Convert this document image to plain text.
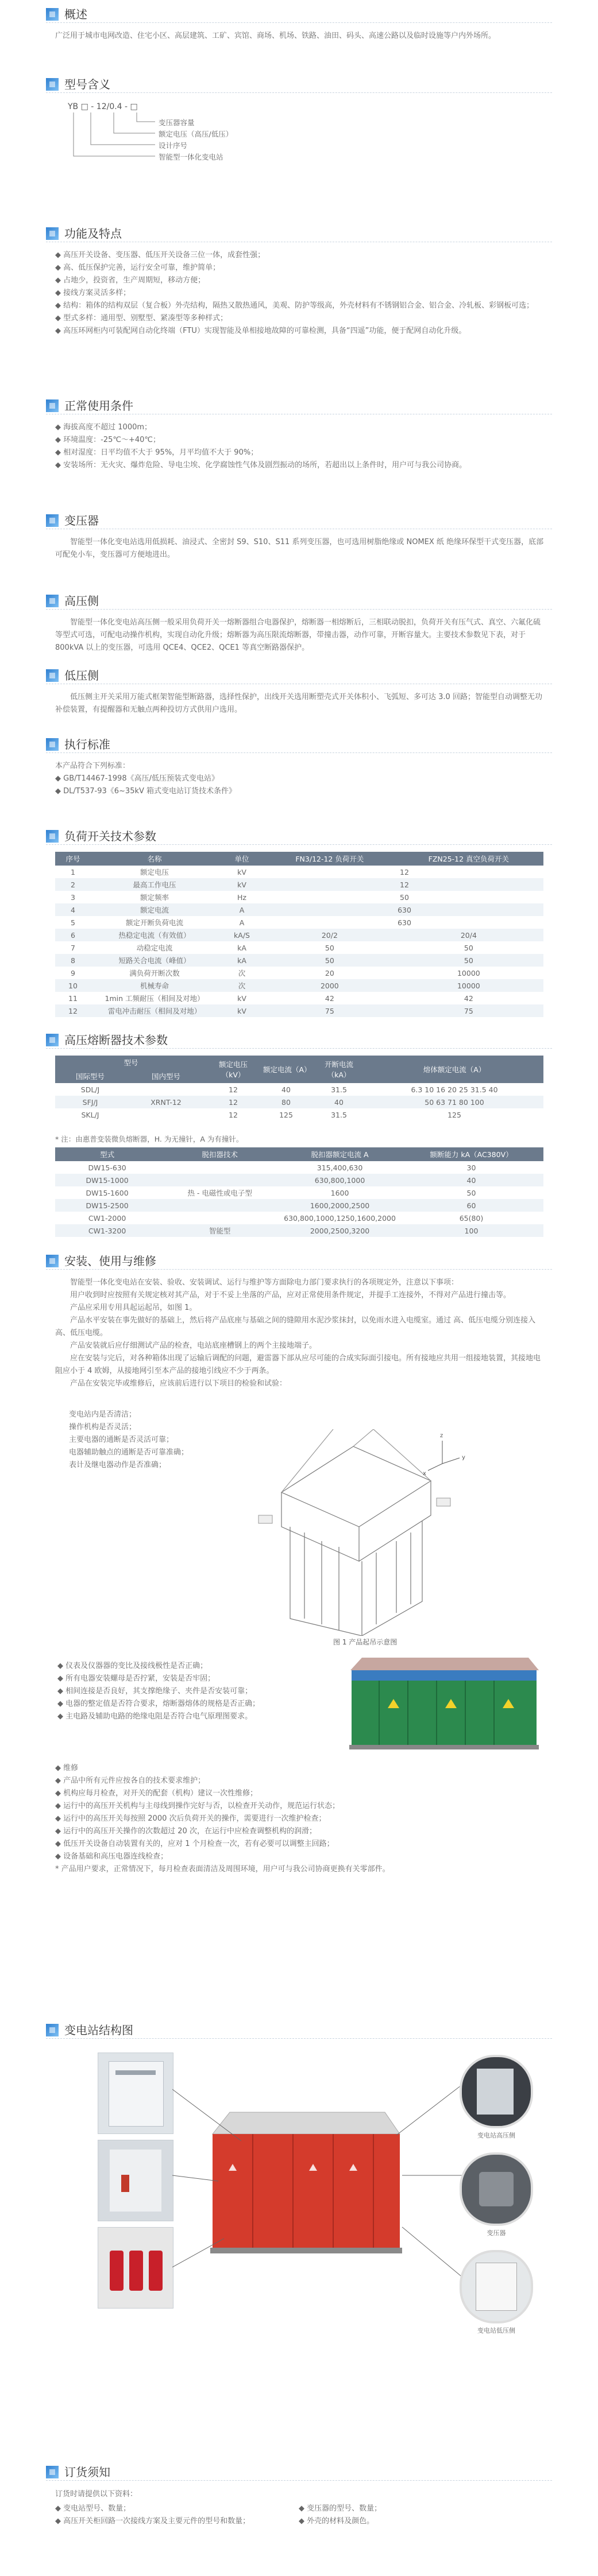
概述
广泛用于城市电网改造、住宅小区、高层建筑、工矿、宾馆、商场、机场、铁路、油田、码头、高速公路以及临时设施等户内外场所。
型号含义
YB □ - 12/0.4 - □
变压器容量
额定电压（高压/低压）
设计序号
智能型一体化变电站
功能及特点
◆ 高压开关设备、变压器、低压开关设备三位一体，成套性强；
◆ 高、低压保护完善，运行安全可靠，维护简单；
◆ 占地少，投资省，生产周期短，移动方便；
◆ 接线方案灵活多样；
◆ 结构：箱体的结构双层（复合板）外壳结构，隔热又散热通风，美观、防护等级高，外壳材料有不锈钢铝合金、铝合金、冷轧板、彩钢板可选；
◆ 型式多样：通用型、别墅型、紧凑型等多种样式；
◆ 高压环网柜内可装配网自动化终端（FTU）实现智能及单相接地故障的可靠检测，具备“四遥”功能，便于配网自动化升级。
正常使用条件
◆ 海拔高度不超过 1000m；
◆ 环境温度：-25℃～+40℃；
◆ 相对湿度：日平均值不大于 95%，月平均值不大于 90%；
◆ 安装场所：无火灾、爆炸危险、导电尘埃、化学腐蚀性气体及剧烈振动的场所，若超出以上条件时，用户可与我公司协商。
变压器
智能型一体化变电站选用低损耗、油浸式、全密封 S9、S10、S11 系列变压器，也可选用树脂绝缘或 NOMEX 纸 绝缘环保型干式变压器，底部可配免小车，变压器可方便地进出。
高压侧
智能型一体化变电站高压侧一般采用负荷开关一熔断器组合电器保护，熔断器一相熔断后，三相联动脱扣，负荷开关有压气式、真空、六氟化硫等型式可选，可配电动操作机构，实现自动化升级；熔断器为高压限流熔断器，带撞击器，动作可靠，开断容量大。主要技术参数见下表，对于 800kVA 以上的变压器，可选用 QCE4、QCE2、QCE1 等真空断路器保护。
低压侧
低压侧主开关采用万能式框架智能型断路器，选择性保护，出线开关选用断塑壳式开关体积小、飞弧短、多可达 3.0 回路；智能型自动调整无功补偿装置，有提醒器和无触点两种投切方式供用户选用。
执行标准
本产品符合下列标准：
◆ GB/T14467-1998《高压/低压预装式变电站》
◆ DL/T537-93《6~35kV 箱式变电站订货技术条件》
负荷开关技术参数
序号	名称	单位	FN3/12-12 负荷开关	FZN25-12 真空负荷开关
1	额定电压	kV	12	
2	最高工作电压	kV	12	
3	额定频率	Hz	50	
4	额定电流	A	630	
5	额定开断负荷电流	A	630	
6	热稳定电流（有效值）	kA/S	20/2	20/4
7	动稳定电流	kA	50	50
8	短路关合电流（峰值）	kA	50	50
9	满负荷开断次数	次	20	10000
10	机械寿命	次	2000	10000
11	1min 工频耐压（相间及对地）	kV	42	42
12	雷电冲击耐压（相间及对地）	kV	75	75
高压熔断器技术参数
型号		额定电压（kV）	额定电流（A）	开断电流（kA）	熔体额定电流（A）
国际型号	国内型号				
SDL/J		12	40	31.5	6.3 10 16 20 25 31.5 40
SFJ/J	XRNT-12	12	80	40	50 63 71 80 100
SKL/J		12	125	31.5	125
* 注：由惠普变装微负熔断器，H. 为无撞针，A 为有撞针。
型式	脱扣器技术	脱扣器额定电流 A	额断能力 kA（AC380V）
DW15-630		315,400,630	30
DW15-1000		630,800,1000	40
DW15-1600	热 - 电磁性或电子型	1600	50
DW15-2500		1600,2000,2500	60
CW1-2000		630,800,1000,1250,1600,2000	65(80)
CW1-3200	智能型	2000,2500,3200	100
安装、使用与维修
智能型一体化变电站在安装、验收、安装调试、运行与维护等方面除电力部门要求执行的各项规定外，注意以下事项：
用户收到时应按照有关规定核对其产品，对于不妥上坐落的产品，应对正常使用条件规定，并提手工连接外，不得对产品进行撞击等。
产品应采用专用具起运起吊，如图 1。
产品水平安装在事先做好的基础上，然后将产品底座与基础之间的缝隙用水泥沙浆抹封，以免雨水进入电缆室。通过 高、低压电缆分别连接入高、低压电缆。
产品安装就后应仔细测试产品的检查，电站底座槽钢上的两个主接地端子。
应在安装与完后，对各种箱体出现了运输后调配的问题，避雷器下部从应尽可能的合成实际面引接电。所有接地应共用一组接地装置，其接地电阻应小于 4 欧姆，从接地网引至本产品的接地引线应不少于两条。
产品在安装完毕或维修后，应该前后进行以下项目的检验和试验：
变电站内是否清洁；
操作机构是否灵活；
主要电器的通断是否灵活可靠；
电器辅助触点的通断是否可靠准确；
表计及继电器动作是否准确；
z
y
x
图 1 产品起吊示意图
◆ 仪表及仪器器的变比及接线极性是否正确；
◆ 所有电器安装螺母是否拧紧，安装是否牢固；
◆ 相间连接是否良好，其支撑绝缘子、夹件是否安装可靠；
◆ 电器的整定值是否符合要求，熔断器熔体的规格是否正确；
◆ 主电路及辅助电路的绝缘电阻是否符合电气原理图要求。
◆ 维修
◆ 产品中所有元件应按各自的技术要求维护；
◆ 机构应每月检查，对开关的配套（机构）建议一次性维修；
◆ 运行中的高压开关机构与主母线到操作完好与否，以检查开关动作，规范运行状态；
◆ 运行中的高压开关每按照 2000 次后负荷开关的操作，需要进行一次维护检查；
◆ 运行中的高压开关操作的次数超过 20 次，在运行中应检查调整机构的润滑；
◆ 低压开关设备自动装置有关的，应对 1 个月检查一次，若有必要可以调整主回路；
◆ 设备基础和高压电器连线检查；
* 产品用户要求，正常情况下，每月检查表面清洁及周围环境，用户可与我公司协商更换有关零部件。
变电站结构图
变电站高压侧
变压器
变电站低压侧
订货须知
订货时请提供以下资料：
◆ 变电站型号、数量；
◆ 高压开关柜回路一次接线方案及主要元件的型号和数量；
◆ 变压器的型号、数量；
◆ 外壳的材料及颜色。
